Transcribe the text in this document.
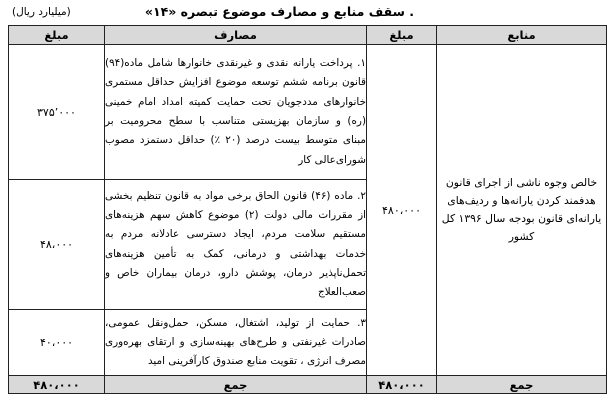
. سقف منابع و مصارف موضوع تبصره «۱۴»
(میلیارد ریال)
منابع	مبلغ	مصارف	مبلغ
خالص وجوه ناشی از اجرای قانون هدفمند کردن یارانه‌ها و ردیف‌های یارانه‌ای قانون بودجه سال ۱۳۹۶ کل کشور	۴۸۰،۰۰۰	۱. پرداخت یارانه نقدی و غیرنقدی خانوارها شامل ماده(۹۴) قانون برنامه ششم توسعه موضوع افزایش حداقل مستمری خانوارهای مددجویان تحت حمایت کمیته امداد امام خمینی (ره) و سازمان بهزیستی متناسب با سطح محرومیت بر مبنای متوسط بیست درصد (۲۰ ٪) حداقل دستمزد مصوب شورای‌عالی کار	۳۷۵٬۰۰۰
		۲. ماده (۴۶) قانون الحاق برخی مواد به قانون تنظیم بخشی از مقررات مالی دولت (۲) موضوع کاهش سهم هزینه‌های مستقیم سلامت مردم، ایجاد دسترسی عادلانه مردم به خدمات بهداشتی و درمانی، کمک به تأمین هزینه‌های تحمل‌ناپذیر درمان، پوشش دارو، درمان بیماران خاص و صعب‌العلاج	۴۸،۰۰۰
		۳. حمایت از تولید، اشتغال، مسکن، حمل‌ونقل عمومی، صادرات غیرنفتی و طرح‌های بهینه‌سازی و ارتقای بهره‌وری مصرف انرژی ، تقویت منابع صندوق کارآفرینی امید	۴۰،۰۰۰
جمع	۴۸۰،۰۰۰	جمع	۴۸۰،۰۰۰
